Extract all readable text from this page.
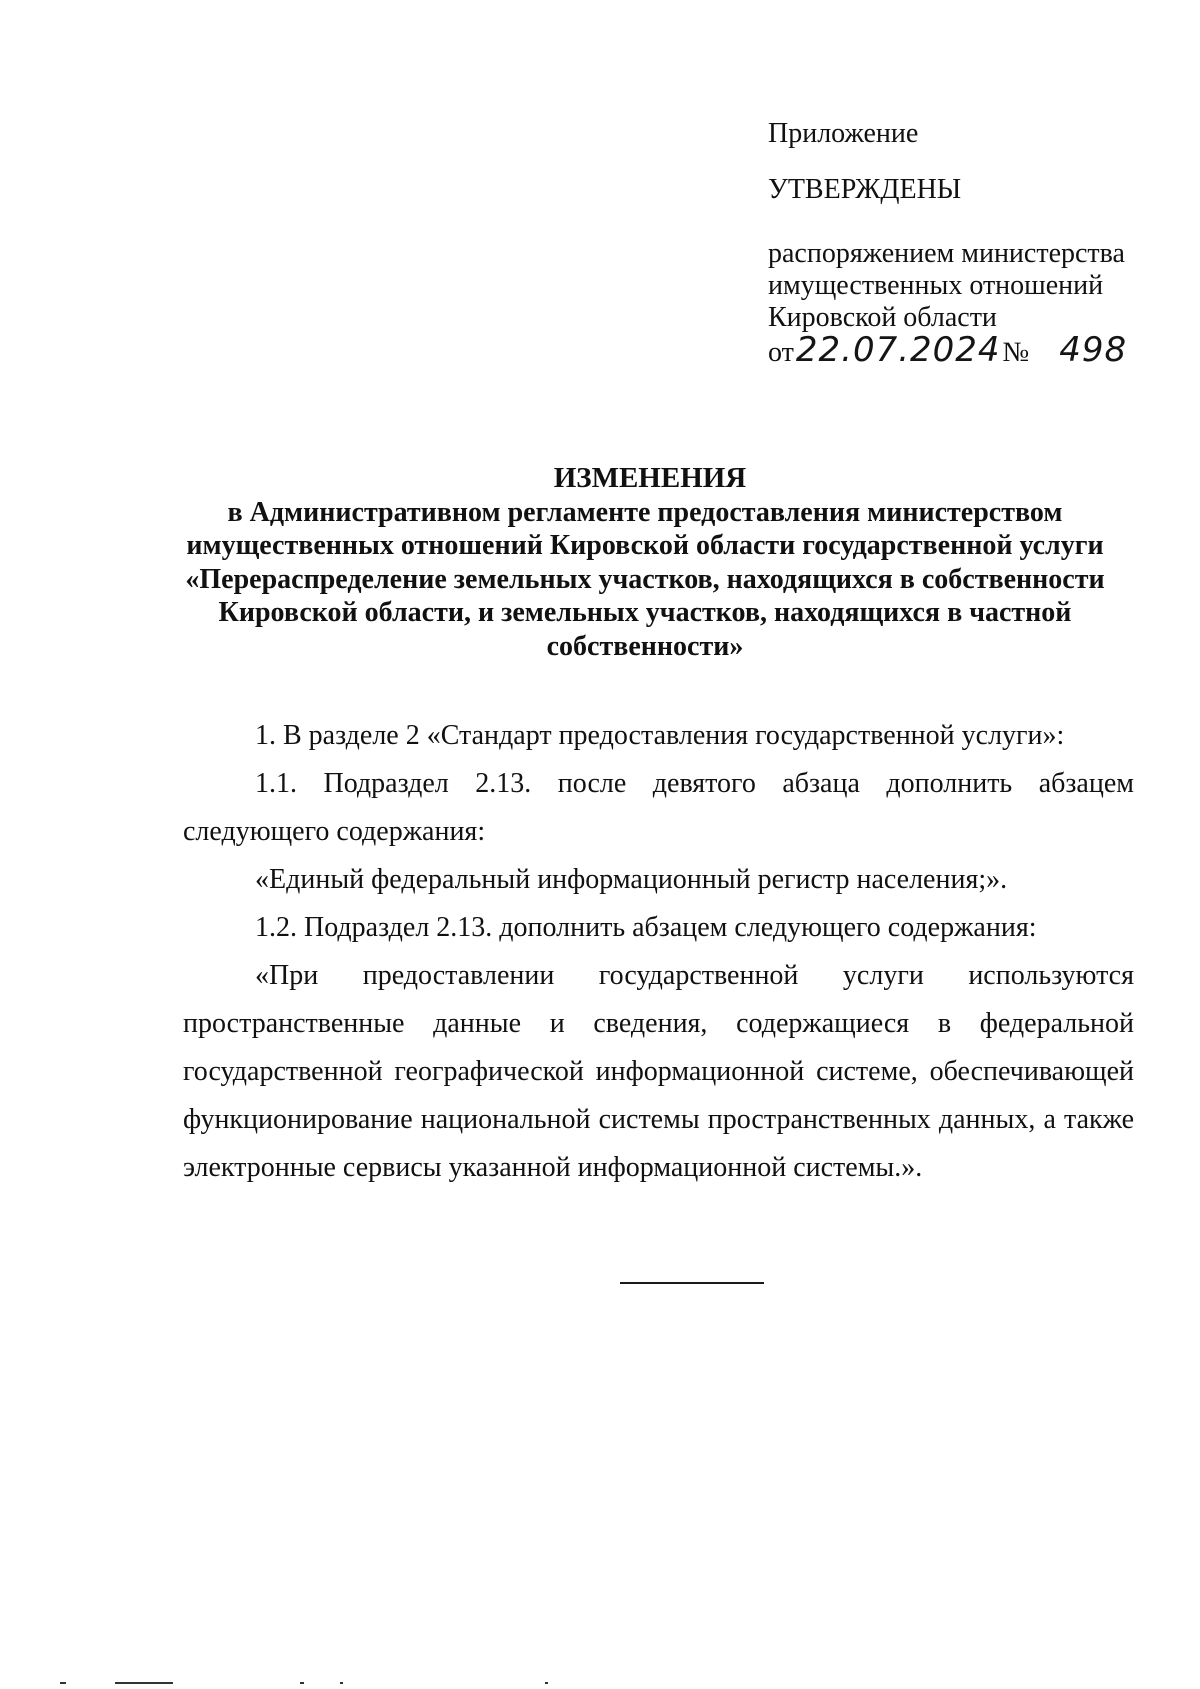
Приложение
УТВЕРЖДЕНЫ
распоряжением министерства
имущественных отношений
Кировской области
от 22.07.2024 № 498
ИЗМЕНЕНИЯ
в Административном регламенте предоставления министерством
имущественных отношений Кировской области государственной услуги
«Перераспределение земельных участков, находящихся в собственности
Кировской области, и земельных участков, находящихся в частной
собственности»

1. В разделе 2 «Стандарт предоставления государственной услуги»:

1.1. Подраздел 2.13. после девятого абзаца дополнить абзацем следующего содержания:

«Единый федеральный информационный регистр населения;».

1.2. Подраздел 2.13. дополнить абзацем следующего содержания:

«При предоставлении государственной услуги используются пространственные данные и сведения, содержащиеся в федеральной государственной географической информационной системе, обеспечивающей функционирование национальной системы пространственных данных, а также электронные сервисы указанной информационной системы.».
